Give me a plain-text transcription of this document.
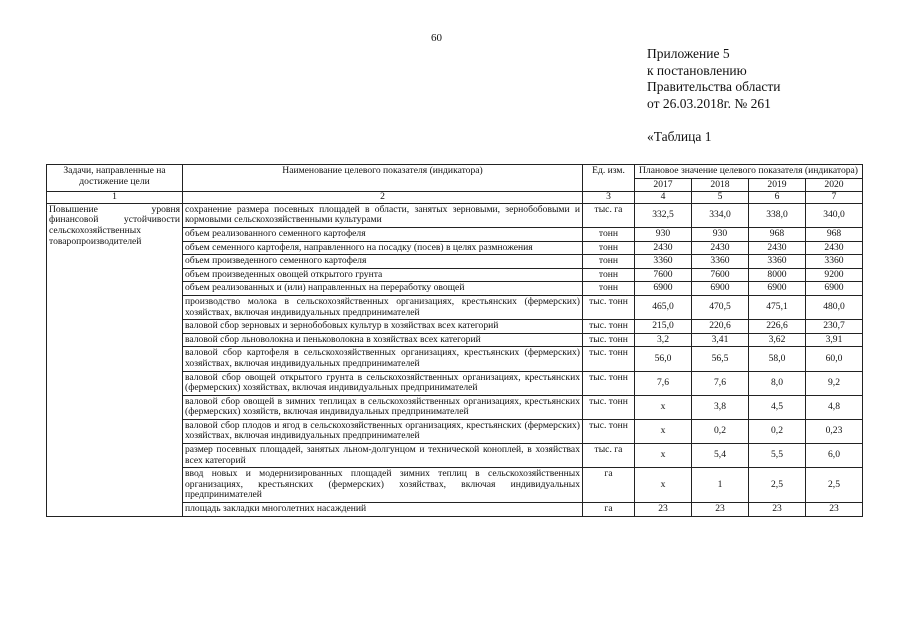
60
Приложение 5
к постановлению
Правительства области
от 26.03.2018г. № 261
«Таблица 1
Задачи, направленные на достижение цели	Наименование целевого показателя (индикатора)	Ед. изм.	Плановое значение целевого показателя (индикатора)			
			2017	2018	2019	2020
1	2	3	4	5	6	7
Повышение уровня финансовой устойчивости сельскохозяйственных товаропроизводителей	сохранение размера посевных площадей в области, занятых зерновыми, зернобобовыми и кормовыми сельскохозяйственными культурами	тыс. га	332,5	334,0	338,0	340,0
	объем реализованного семенного картофеля	тонн	930	930	968	968
	объем семенного картофеля, направленного на посадку (посев) в целях размножения	тонн	2430	2430	2430	2430
	объем произведенного семенного картофеля	тонн	3360	3360	3360	3360
	объем произведенных овощей открытого грунта	тонн	7600	7600	8000	9200
	объем реализованных и (или) направленных на переработку овощей	тонн	6900	6900	6900	6900
	производство молока в сельскохозяйственных организациях, крестьянских (фермерских) хозяйствах, включая индивидуальных предпринимателей	тыс. тонн	465,0	470,5	475,1	480,0
	валовой сбор зерновых и зернобобовых культур в хозяйствах всех категорий	тыс. тонн	215,0	220,6	226,6	230,7
	валовой сбор льноволокна и пеньковолокна в хозяйствах всех категорий	тыс. тонн	3,2	3,41	3,62	3,91
	валовой сбор картофеля в сельскохозяйственных организациях, крестьянских (фермерских) хозяйствах, включая индивидуальных предпринимателей	тыс. тонн	56,0	56,5	58,0	60,0
	валовой сбор овощей открытого грунта в сельскохозяйственных организациях, крестьянских (фермерских) хозяйствах, включая индивидуальных предпринимателей	тыс. тонн	7,6	7,6	8,0	9,2
	валовой сбор овощей в зимних теплицах в сельскохозяйственных организациях, крестьянских (фермерских) хозяйств, включая индивидуальных предпринимателей	тыс. тонн	x	3,8	4,5	4,8
	валовой сбор плодов и ягод в сельскохозяйственных организациях, крестьянских (фермерских) хозяйствах, включая индивидуальных предпринимателей	тыс. тонн	x	0,2	0,2	0,23
	размер посевных площадей, занятых льном-долгунцом и технической коноплей, в хозяйствах всех категорий	тыс. га	x	5,4	5,5	6,0
	ввод новых и модернизированных площадей зимних теплиц в сельскохозяйственных организациях, крестьянских (фермерских) хозяйствах, включая индивидуальных предпринимателей	га	x	1	2,5	2,5
	площадь закладки многолетних насаждений	га	23	23	23	23
